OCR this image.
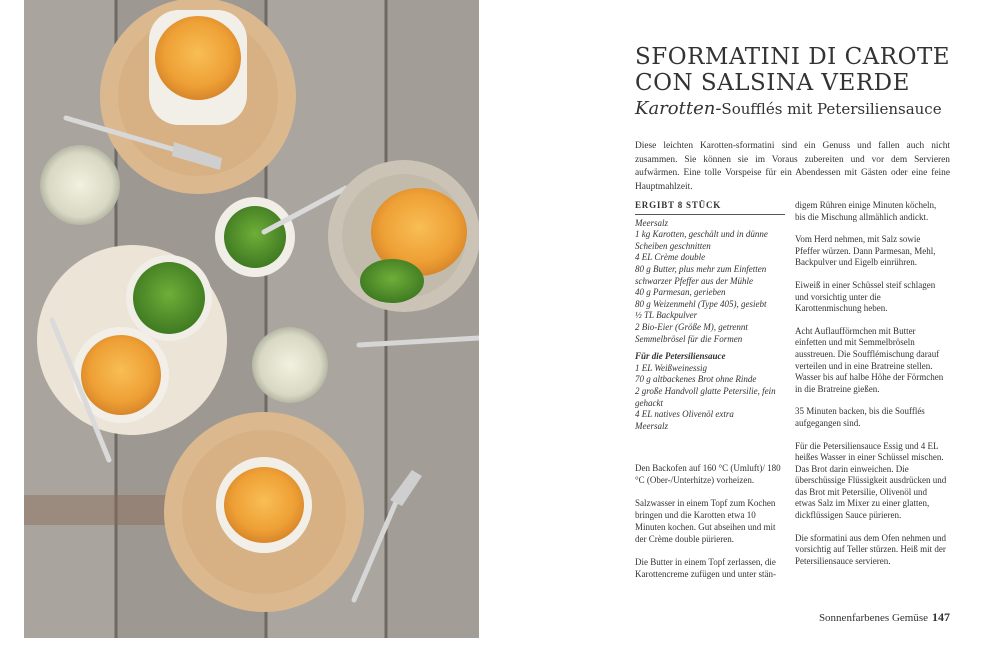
SFORMATINI DI CAROTE
CON SALSINA VERDE
Karotten-Soufflés mit Petersiliensauce

Diese leichten Karotten-sformatini sind ein Genuss und fallen auch nicht zusammen. Sie können sie im Voraus zubereiten und vor dem Servieren aufwärmen. Eine tolle Vorspeise für ein Abendessen mit Gästen oder eine feine Hauptmahlzeit.

ERGIBT 8 STÜCK

Meersalz

1 kg Karotten, geschält und in dünne Scheiben geschnitten

4 EL Crème double

80 g Butter, plus mehr zum Einfetten schwarzer Pfeffer aus der Mühle

40 g Parmesan, gerieben

80 g Weizenmehl (Type 405), gesiebt

½ TL Backpulver

2 Bio-Eier (Größe M), getrennt

Semmelbrösel für die Formen

Für die Petersiliensauce

1 EL Weißweinessig

70 g altbackenes Brot ohne Rinde

2 große Handvoll glatte Petersilie, fein gehackt

4 EL natives Olivenöl extra

Meersalz

Den Backofen auf 160 °C (Umluft)/ 180 °C (Ober-/Unterhitze) vorheizen.

Salzwasser in einem Topf zum Kochen bringen und die Karotten etwa 10 Minuten kochen. Gut abseihen und mit der Crème double pürieren.

Die Butter in einem Topf zerlassen, die Karottencreme zufügen und unter stän-

digem Rühren einige Minuten köcheln, bis die Mischung allmählich andickt.

Vom Herd nehmen, mit Salz sowie Pfeffer würzen. Dann Parmesan, Mehl, Backpulver und Eigelb einrühren.

Eiweiß in einer Schüssel steif schlagen und vorsichtig unter die Karottenmischung heben.

Acht Auflaufförmchen mit Butter einfetten und mit Semmelbröseln ausstreuen. Die Soufflémischung darauf verteilen und in eine Bratreine stellen. Wasser bis auf halbe Höhe der Förmchen in die Bratreine gießen.

35 Minuten backen, bis die Soufflés aufgegangen sind.

Für die Petersiliensauce Essig und 4 EL heißes Wasser in einer Schüssel mischen. Das Brot darin einweichen. Die überschüssige Flüssigkeit ausdrücken und das Brot mit Petersilie, Olivenöl und etwas Salz im Mixer zu einer glatten, dickflüssigen Sauce pürieren.

Die sformatini aus dem Ofen nehmen und vorsichtig auf Teller stürzen. Heiß mit der Petersiliensauce servieren.

Sonnenfarbenes Gemüse 147
